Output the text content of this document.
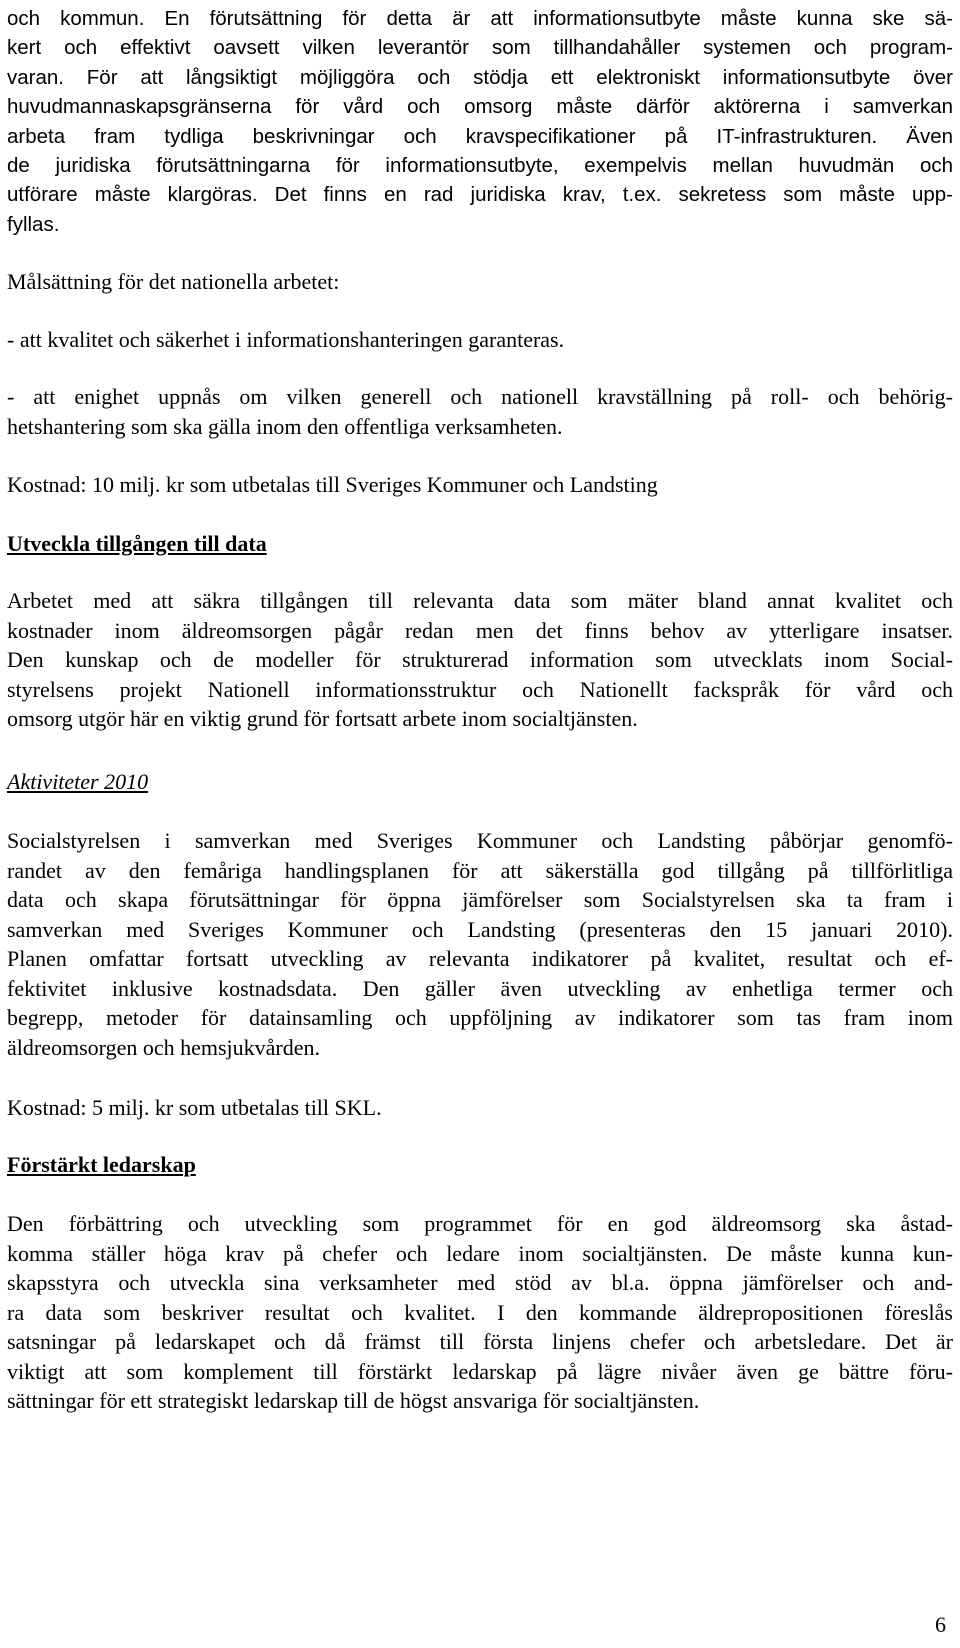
och kommun. En förutsättning för detta är att informationsutbyte måste kunna ske sä-
kert och effektivt oavsett vilken leverantör som tillhandahåller systemen och program-
varan. För att långsiktigt möjliggöra och stödja ett elektroniskt informationsutbyte över
huvudmannaskapsgränserna för vård och omsorg måste därför aktörerna i samverkan
arbeta fram tydliga beskrivningar och kravspecifikationer på IT-infrastrukturen. Även
de juridiska förutsättningarna för informationsutbyte, exempelvis mellan huvudmän och
utförare måste klargöras. Det finns en rad juridiska krav, t.ex. sekretess som måste upp-
fyllas.
Målsättning för det nationella arbetet:
- att kvalitet och säkerhet i informationshanteringen garanteras.
- att enighet uppnås om vilken generell och nationell kravställning på roll- och behörig-
hetshantering som ska gälla inom den offentliga verksamheten.
Kostnad: 10 milj. kr som utbetalas till Sveriges Kommuner och Landsting
Utveckla tillgången till data
Arbetet med att säkra tillgången till relevanta data som mäter bland annat kvalitet och
kostnader inom äldreomsorgen pågår redan men det finns behov av ytterligare insatser.
Den kunskap och de modeller för strukturerad information som utvecklats inom Social-
styrelsens projekt Nationell informationsstruktur och Nationellt fackspråk för vård och
omsorg utgör här en viktig grund för fortsatt arbete inom socialtjänsten.
Aktiviteter 2010
Socialstyrelsen i samverkan med Sveriges Kommuner och Landsting påbörjar genomfö-
randet av den femåriga handlingsplanen för att säkerställa god tillgång på tillförlitliga
data och skapa förutsättningar för öppna jämförelser som Socialstyrelsen ska ta fram i
samverkan med Sveriges Kommuner och Landsting (presenteras den 15 januari 2010).
Planen omfattar fortsatt utveckling av relevanta indikatorer på kvalitet, resultat och ef-
fektivitet inklusive kostnadsdata. Den gäller även utveckling av enhetliga termer och
begrepp, metoder för datainsamling och uppföljning av indikatorer som tas fram inom
äldreomsorgen och hemsjukvården.
Kostnad: 5 milj. kr som utbetalas till SKL.
Förstärkt ledarskap
Den förbättring och utveckling som programmet för en god äldreomsorg ska åstad-
komma ställer höga krav på chefer och ledare inom socialtjänsten. De måste kunna kun-
skapsstyra och utveckla sina verksamheter med stöd av bl.a. öppna jämförelser och and-
ra data som beskriver resultat och kvalitet. I den kommande äldrepropositionen föreslås
satsningar på ledarskapet och då främst till första linjens chefer och arbetsledare. Det är
viktigt att som komplement till förstärkt ledarskap på lägre nivåer även ge bättre föru-
sättningar för ett strategiskt ledarskap till de högst ansvariga för socialtjänsten.
6
